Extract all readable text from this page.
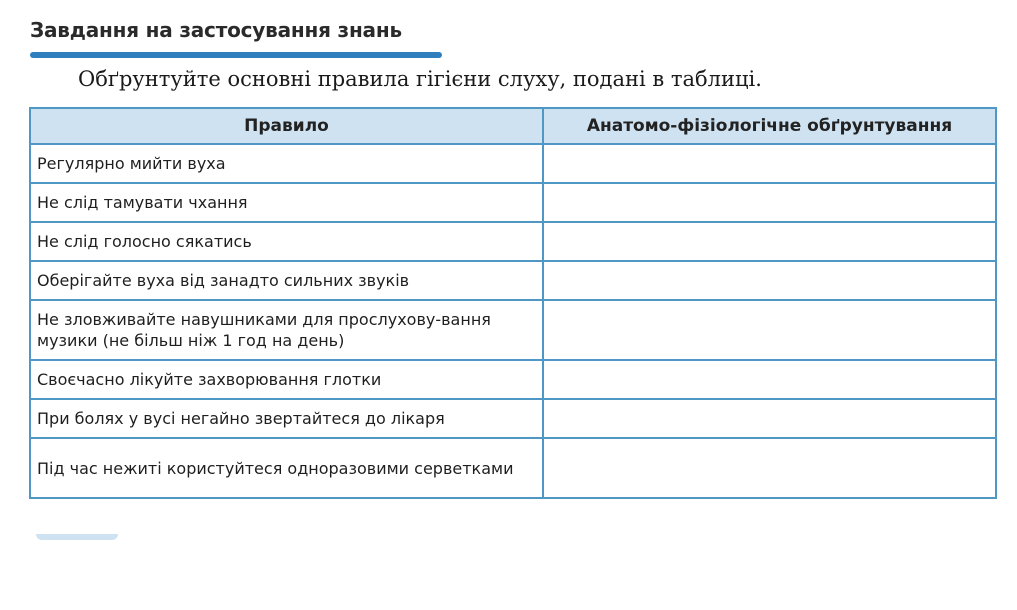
Завдання на застосування знань
Обґрунтуйте основні правила гігієни слуху, подані в таблиці.
Правило	Анатомо-фізіологічне обґрунтування
Регулярно мийти вуха	
Не слід тамувати чхання	
Не слід голосно сякатись	
Оберігайте вуха від занадто сильних звуків	
Не зловживайте навушниками для прослухову-вання музики (не більш ніж 1 год на день)	
Своєчасно лікуйте захворювання глотки	
При болях у вусі негайно звертайтеся до лікаря	
Під час нежиті користуйтеся одноразовими серветками	
